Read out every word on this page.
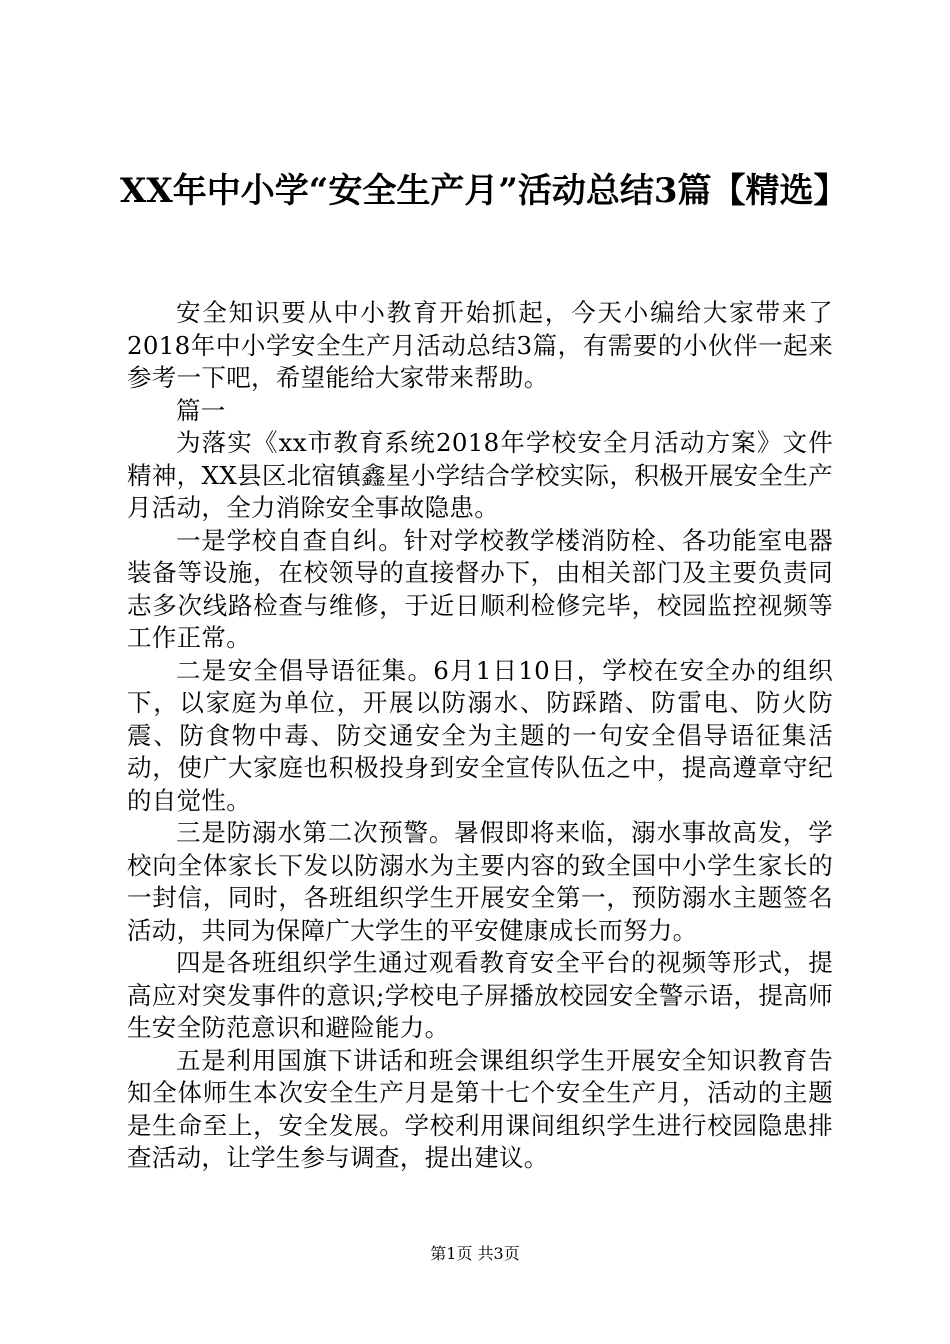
XX年中小学“安全生产月”活动总结3篇【精选】

安全知识要从中小教育开始抓起，今天小编给大家带来了2018年中小学安全生产月活动总结3篇，有需要的小伙伴一起来参考一下吧，希望能给大家带来帮助。

篇一

为落实《xx市教育系统2018年学校安全月活动方案》文件精神，XX县区北宿镇鑫星小学结合学校实际，积极开展安全生产月活动，全力消除安全事故隐患。

一是学校自查自纠。针对学校教学楼消防栓、各功能室电器装备等设施，在校领导的直接督办下，由相关部门及主要负责同志多次线路检查与维修，于近日顺利检修完毕，校园监控视频等工作正常。

二是安全倡导语征集。6月1日10日，学校在安全办的组织下，以家庭为单位，开展以防溺水、防踩踏、防雷电、防火防震、防食物中毒、防交通安全为主题的一句安全倡导语征集活动，使广大家庭也积极投身到安全宣传队伍之中，提高遵章守纪的自觉性。

三是防溺水第二次预警。暑假即将来临，溺水事故高发，学校向全体家长下发以防溺水为主要内容的致全国中小学生家长的一封信，同时，各班组织学生开展安全第一，预防溺水主题签名活动，共同为保障广大学生的平安健康成长而努力。

四是各班组织学生通过观看教育安全平台的视频等形式，提高应对突发事件的意识;学校电子屏播放校园安全警示语，提高师生安全防范意识和避险能力。

五是利用国旗下讲话和班会课组织学生开展安全知识教育告知全体师生本次安全生产月是第十七个安全生产月，活动的主题是生命至上，安全发展。学校利用课间组织学生进行校园隐患排查活动，让学生参与调查，提出建议。

第1页 共3页
